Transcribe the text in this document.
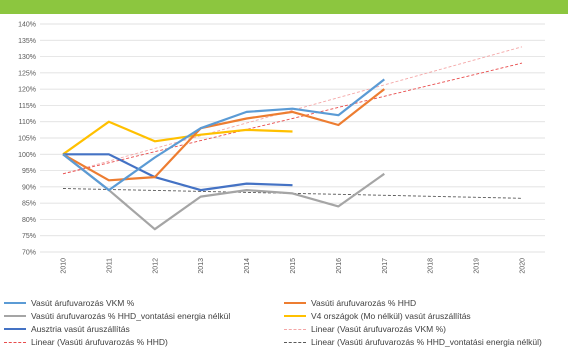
70%
75%
80%
85%
90%
95%
100%
105%
110%
115%
120%
125%
130%
135%
140%
2010	2011	2012	2013	2014	2015	2016	2017	2018	2019	2020
Vasút árufuvarozás VKM %	Vasúti árufuvarozás % HHD
Vasúti árufuvarozás % HHD_vontatási energia nélkül	V4 országok (Mo nélkül) vasút áruszállítás
Ausztria vasút áruszállítás	Linear (Vasút árufuvarozás VKM %)
Linear (Vasúti árufuvarozás % HHD)	Linear (Vasúti árufuvarozás % HHD_vontatási energia nélkül)
